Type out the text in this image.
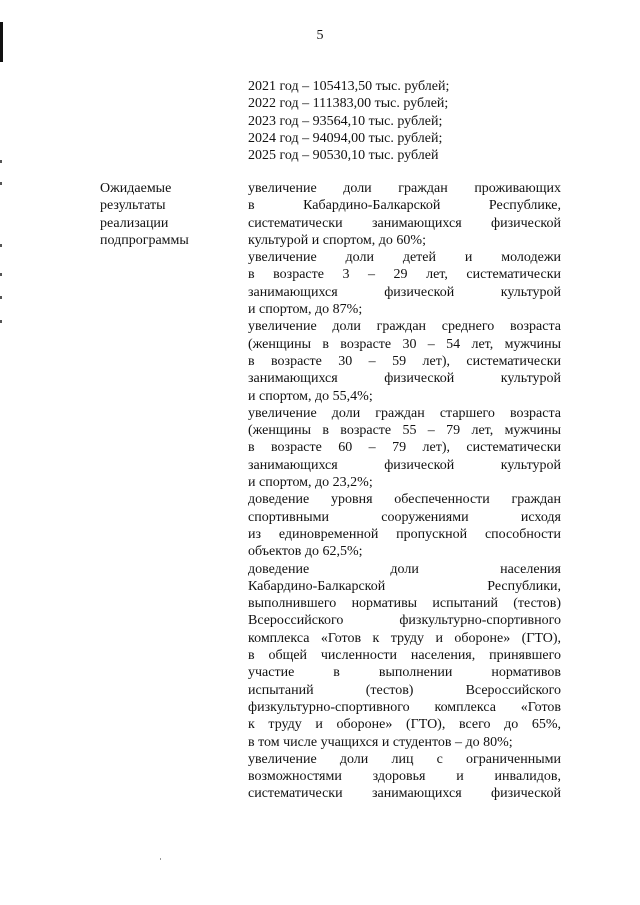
5
2021 год – 105413,50 тыс. рублей;
2022 год – 111383,00 тыс. рублей;
2023 год – 93564,10 тыс. рублей;
2024 год – 94094,00 тыс. рублей;
2025 год – 90530,10 тыс. рублей
Ожидаемые
результаты
реализации
подпрограммы
увеличение доли граждан проживающих
в Кабардино-Балкарской Республике,
систематически занимающихся физической
культурой и спортом, до 60%;
увеличение доли детей и молодежи
в возрасте 3 – 29 лет, систематически
занимающихся физической культурой
и спортом, до 87%;
увеличение доли граждан среднего возраста
(женщины в возрасте 30 – 54 лет, мужчины
в возрасте 30 – 59 лет), систематически
занимающихся физической культурой
и спортом, до 55,4%;
увеличение доли граждан старшего возраста
(женщины в возрасте 55 – 79 лет, мужчины
в возрасте 60 – 79 лет), систематически
занимающихся физической культурой
и спортом, до 23,2%;
доведение уровня обеспеченности граждан
спортивными сооружениями исходя
из единовременной пропускной способности
объектов до 62,5%;
доведение доли населения
Кабардино-Балкарской Республики,
выполнившего нормативы испытаний (тестов)
Всероссийского физкультурно-спортивного
комплекса «Готов к труду и обороне» (ГТО),
в общей численности населения, принявшего
участие в выполнении нормативов
испытаний (тестов) Всероссийского
физкультурно-спортивного комплекса «Готов
к труду и обороне» (ГТО), всего до 65%,
в том числе учащихся и студентов – до 80%;
увеличение доли лиц с ограниченными
возможностями здоровья и инвалидов,
систематически занимающихся физической
